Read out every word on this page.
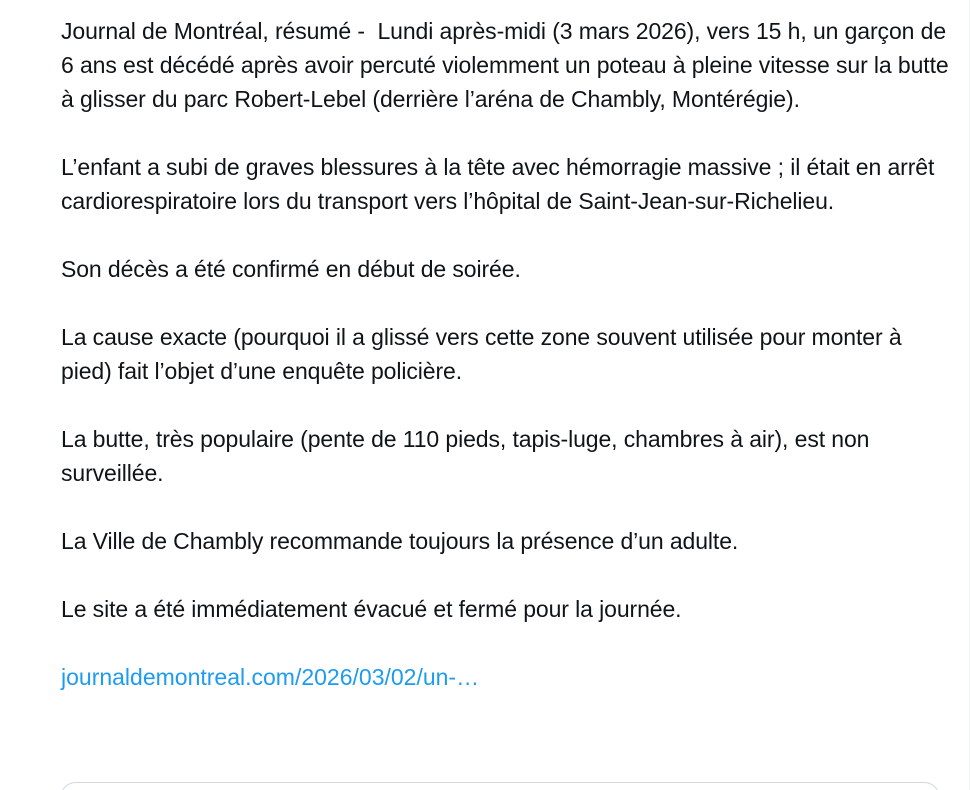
Journal de Montréal, résumé -  Lundi après-midi (3 mars 2026), vers 15 h, un garçon de 6 ans est décédé après avoir percuté violemment un poteau à pleine vitesse sur la butte à glisser du parc Robert-Lebel (derrière l’aréna de Chambly, Montérégie).

L’enfant a subi de graves blessures à la tête avec hémorragie massive ; il était en arrêt cardiorespiratoire lors du transport vers l’hôpital de Saint-Jean-sur-Richelieu.

Son décès a été confirmé en début de soirée.

La cause exacte (pourquoi il a glissé vers cette zone souvent utilisée pour monter à pied) fait l’objet d’une enquête policière.

La butte, très populaire (pente de 110 pieds, tapis-luge, chambres à air), est non surveillée.

La Ville de Chambly recommande toujours la présence d’un adulte.

Le site a été immédiatement évacué et fermé pour la journée.

journaldemontreal.com/2026/03/02/un-…
